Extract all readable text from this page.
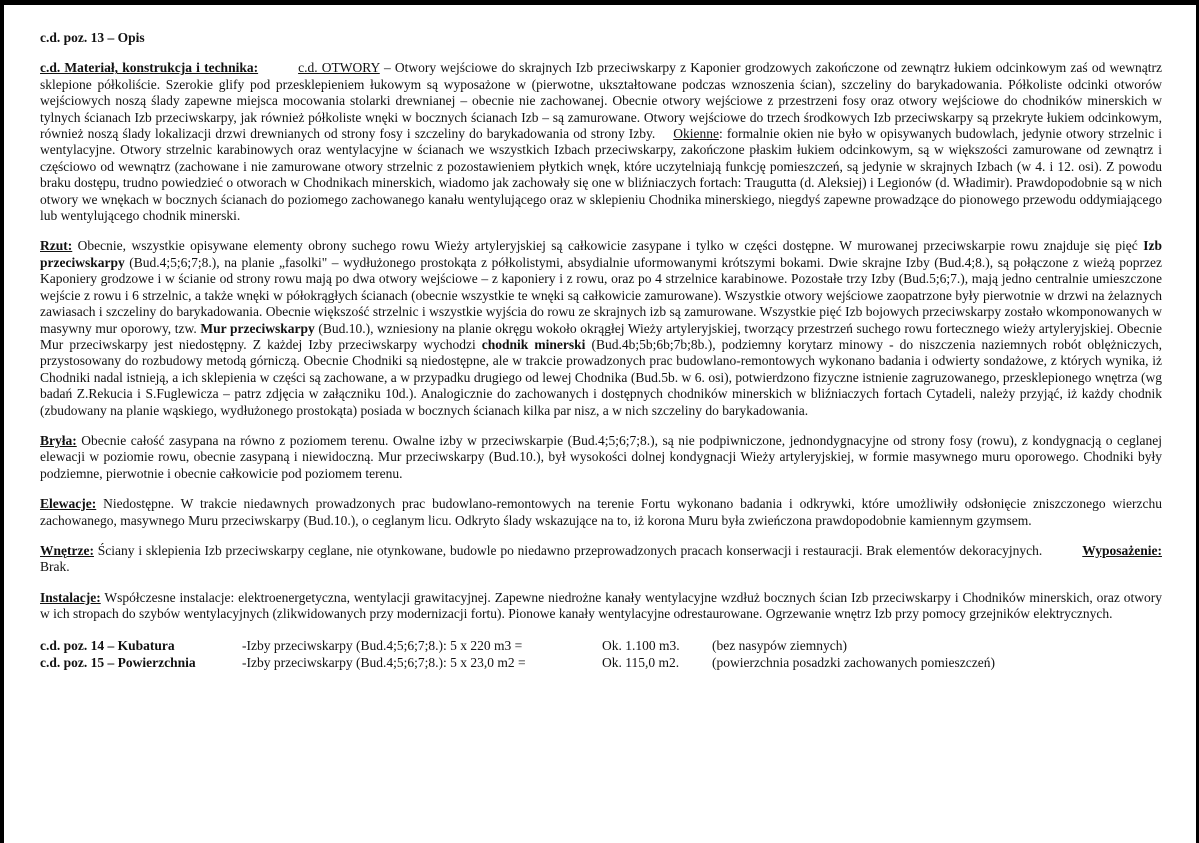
c.d. poz. 13 – Opis

c.d. Materiał, konstrukcja i technika:	c.d. OTWORY – Otwory wejściowe do skrajnych Izb przeciwskarpy z Kaponier grodzowych zakończone od zewnątrz łukiem odcinkowym zaś od wewnątrz sklepione półkoliście. Szerokie glify pod przesklepieniem łukowym są wyposażone w (pierwotne, ukształtowane podczas wznoszenia ścian), szczeliny do barykadowania. Półkoliste odcinki otworów wejściowych noszą ślady zapewne miejsca mocowania stolarki drewnianej – obecnie nie zachowanej. Obecnie otwory wejściowe z przestrzeni fosy oraz otwory wejściowe do chodników minerskich w tylnych ścianach Izb przeciwskarpy, jak również półkoliste wnęki w bocznych ścianach Izb – są zamurowane. Otwory wejściowe do trzech środkowych Izb przeciwskarpy są przekryte łukiem odcinkowym, również noszą ślady lokalizacji drzwi drewnianych od strony fosy i szczeliny do barykadowania od strony Izby. Okienne: formalnie okien nie było w opisywanych budowlach, jedynie otwory strzelnic i wentylacyjne. Otwory strzelnic karabinowych oraz wentylacyjne w ścianach we wszystkich Izbach przeciwskarpy, zakończone płaskim łukiem odcinkowym, są w większości zamurowane od zewnątrz i częściowo od wewnątrz (zachowane i nie zamurowane otwory strzelnic z pozostawieniem płytkich wnęk, które uczytelniają funkcję pomieszczeń, są jedynie w skrajnych Izbach (w 4. i 12. osi). Z powodu braku dostępu, trudno powiedzieć o otworach w Chodnikach minerskich, wiadomo jak zachowały się one w bliźniaczych fortach: Traugutta (d. Aleksiej) i Legionów (d. Władimir). Prawdopodobnie są w nich otwory we wnękach w bocznych ścianach do poziomego zachowanego kanału wentylującego oraz w sklepieniu Chodnika minerskiego, niegdyś zapewne prowadzące do pionowego przewodu oddymiającego lub wentylującego chodnik minerski.

Rzut: Obecnie, wszystkie opisywane elementy obrony suchego rowu Wieży artyleryjskiej są całkowicie zasypane i tylko w części dostępne. W murowanej przeciwskarpie rowu znajduje się pięć Izb przeciwskarpy (Bud.4;5;6;7;8.), na planie „fasolki" – wydłużonego prostokąta z półkolistymi, absydialnie uformowanymi krótszymi bokami. Dwie skrajne Izby (Bud.4;8.), są połączone z wieżą poprzez Kaponiery grodzowe i w ścianie od strony rowu mają po dwa otwory wejściowe – z kaponiery i z rowu, oraz po 4 strzelnice karabinowe. Pozostałe trzy Izby (Bud.5;6;7.), mają jedno centralnie umieszczone wejście z rowu i 6 strzelnic, a także wnęki w półokrągłych ścianach (obecnie wszystkie te wnęki są całkowicie zamurowane). Wszystkie otwory wejściowe zaopatrzone były pierwotnie w drzwi na żelaznych zawiasach i szczeliny do barykadowania. Obecnie większość strzelnic i wszystkie wyjścia do rowu ze skrajnych izb są zamurowane. Wszystkie pięć Izb bojowych przeciwskarpy zostało wkomponowanych w masywny mur oporowy, tzw. Mur przeciwskarpy (Bud.10.), wzniesiony na planie okręgu wokoło okrągłej Wieży artyleryjskiej, tworzący przestrzeń suchego rowu fortecznego wieży artyleryjskiej. Obecnie Mur przeciwskarpy jest niedostępny. Z każdej Izby przeciwskarpy wychodzi chodnik minerski (Bud.4b;5b;6b;7b;8b.), podziemny korytarz minowy - do niszczenia naziemnych robót oblężniczych, przystosowany do rozbudowy metodą górniczą. Obecnie Chodniki są niedostępne, ale w trakcie prowadzonych prac budowlano-remontowych wykonano badania i odwierty sondażowe, z których wynika, iż Chodniki nadal istnieją, a ich sklepienia w części są zachowane, a w przypadku drugiego od lewej Chodnika (Bud.5b. w 6. osi), potwierdzono fizyczne istnienie zagruzowanego, przesklepionego wnętrza (wg badań Z.Rekucia i S.Fuglewicza – patrz zdjęcia w załączniku 10d.). Analogicznie do zachowanych i dostępnych chodników minerskich w bliźniaczych fortach Cytadeli, należy przyjąć, iż każdy chodnik (zbudowany na planie wąskiego, wydłużonego prostokąta) posiada w bocznych ścianach kilka par nisz, a w nich szczeliny do barykadowania.

Bryła: Obecnie całość zasypana na równo z poziomem terenu. Owalne izby w przeciwskarpie (Bud.4;5;6;7;8.), są nie podpiwniczone, jednondygnacyjne od strony fosy (rowu), z kondygnacją o ceglanej elewacji w poziomie rowu, obecnie zasypaną i niewidoczną. Mur przeciwskarpy (Bud.10.), był wysokości dolnej kondygnacji Wieży artyleryjskiej, w formie masywnego muru oporowego. Chodniki były podziemne, pierwotnie i obecnie całkowicie pod poziomem terenu.

Elewacje: Niedostępne. W trakcie niedawnych prowadzonych prac budowlano-remontowych na terenie Fortu wykonano badania i odkrywki, które umożliwiły odsłonięcie zniszczonego wierzchu zachowanego, masywnego Muru przeciwskarpy (Bud.10.), o ceglanym licu. Odkryto ślady wskazujące na to, iż korona Muru była zwieńczona prawdopodobnie kamiennym gzymsem.

Wnętrze: Ściany i sklepienia Izb przeciwskarpy ceglane, nie otynkowane, budowle po niedawno przeprowadzonych pracach konserwacji i restauracji. Brak elementów dekoracyjnych.	Wyposażenie: Brak.

Instalacje: Współczesne instalacje: elektroenergetyczna, wentylacji grawitacyjnej. Zapewne niedrożne kanały wentylacyjne wzdłuż bocznych ścian Izb przeciwskarpy i Chodników minerskich, oraz otwory w ich stropach do szybów wentylacyjnych (zlikwidowanych przy modernizacji fortu). Pionowe kanały wentylacyjne odrestaurowane. Ogrzewanie wnętrz Izb przy pomocy grzejników elektrycznych.

c.d. poz. 14 – Kubatura	-Izby przeciwskarpy (Bud.4;5;6;7;8.): 5 x 220 m3 =	Ok. 1.100 m3.	(bez nasypów ziemnych)
c.d. poz. 15 – Powierzchnia	-Izby przeciwskarpy (Bud.4;5;6;7;8.): 5 x 23,0 m2 =	Ok. 115,0 m2.	(powierzchnia posadzki zachowanych pomieszczeń)
